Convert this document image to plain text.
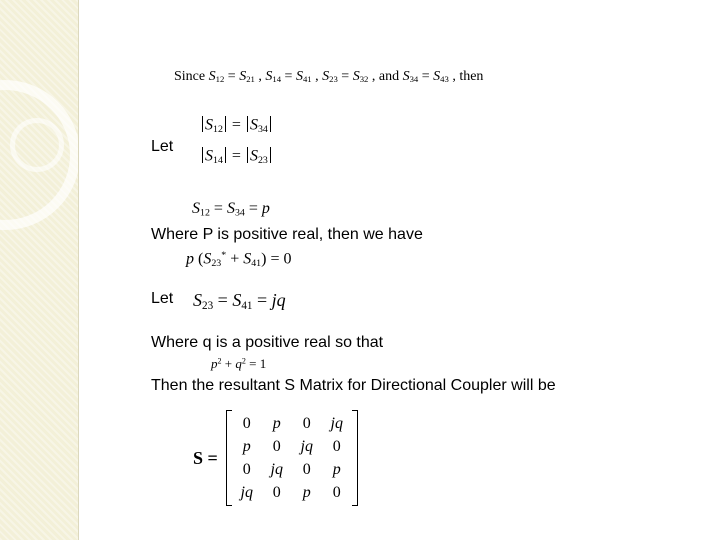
Since $S_{12} = S_{21}$ , $S_{14} = S_{41}$ , $S_{23} = S_{32}$ , and $S_{34} = S_{43}$ , then
Let
$S_{12} = S_{34}$
$S_{14} = S_{23}$
$S_{12} = S_{34} = p$
Where P is positive real, then we have
p $(S_{23}^* + S_{41}) = 0$
Let $S_{23} = S_{41}$ = jq
Where q is a positive real so that
$p^2 + q^2 = 1$
Then the resultant S Matrix for Directional Coupler will be
S =
0	p	0	jq
p	0	jq	0
0	jq	0	p
jq	0	p	0
